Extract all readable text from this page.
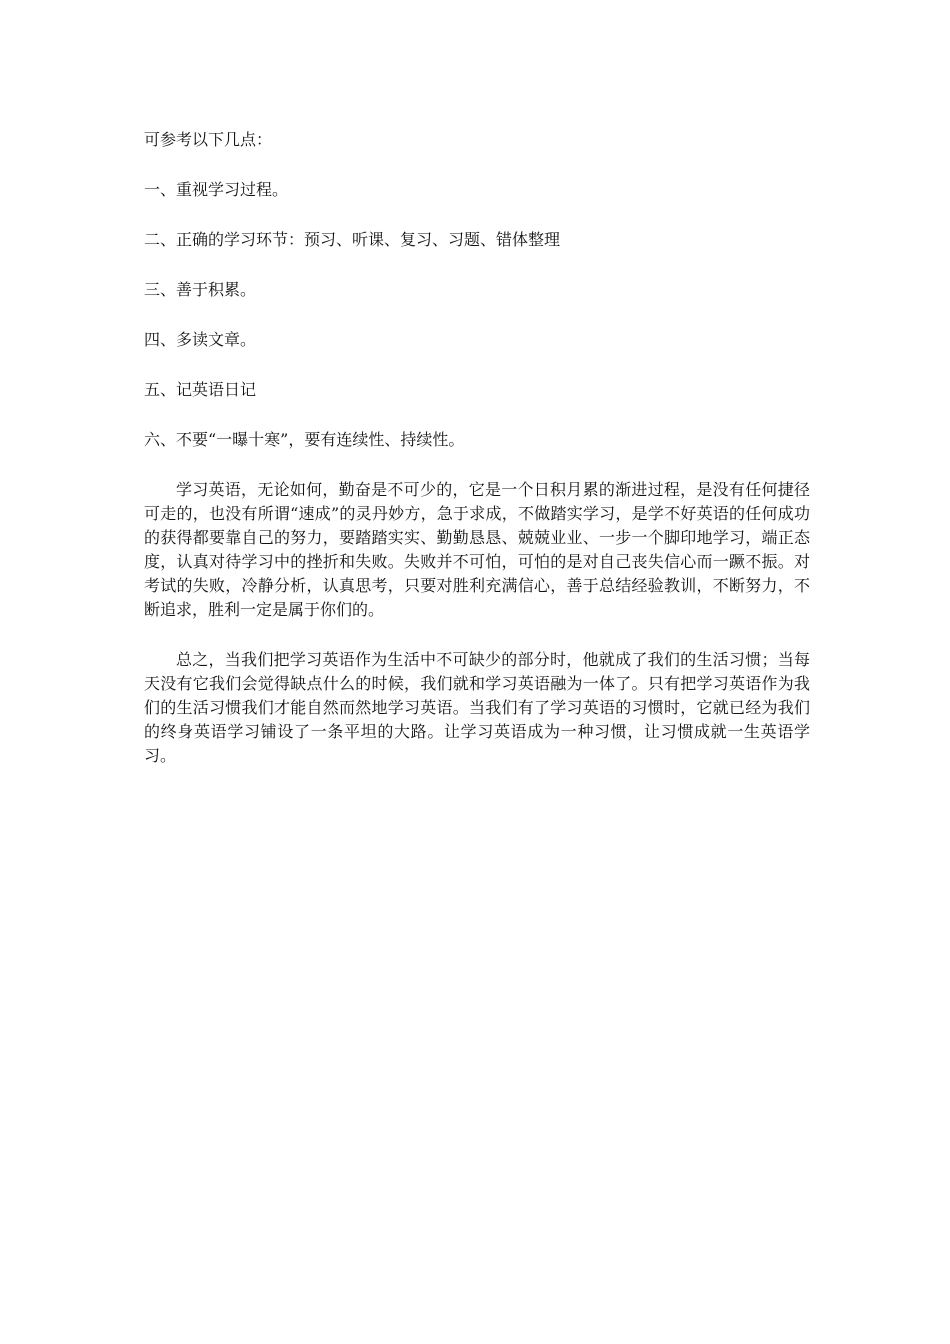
可参考以下几点：

一、重视学习过程。

二、正确的学习环节：预习、听课、复习、习题、错体整理

三、善于积累。

四、多读文章。

五、记英语日记

六、不要“一曝十寒”，要有连续性、持续性。

学习英语，无论如何，勤奋是不可少的，它是一个日积月累的渐进过程，是没有任何捷径可走的，也没有所谓“速成”的灵丹妙方，急于求成，不做踏实学习，是学不好英语的任何成功的获得都要靠自己的努力，要踏踏实实、勤勤恳恳、兢兢业业、一步一个脚印地学习，端正态度，认真对待学习中的挫折和失败。失败并不可怕，可怕的是对自己丧失信心而一蹶不振。对考试的失败，冷静分析，认真思考，只要对胜利充满信心，善于总结经验教训，不断努力，不断追求，胜利一定是属于你们的。

总之，当我们把学习英语作为生活中不可缺少的部分时，他就成了我们的生活习惯；当每天没有它我们会觉得缺点什么的时候，我们就和学习英语融为一体了。只有把学习英语作为我们的生活习惯我们才能自然而然地学习英语。当我们有了学习英语的习惯时，它就已经为我们的终身英语学习铺设了一条平坦的大路。让学习英语成为一种习惯，让习惯成就一生英语学习。
